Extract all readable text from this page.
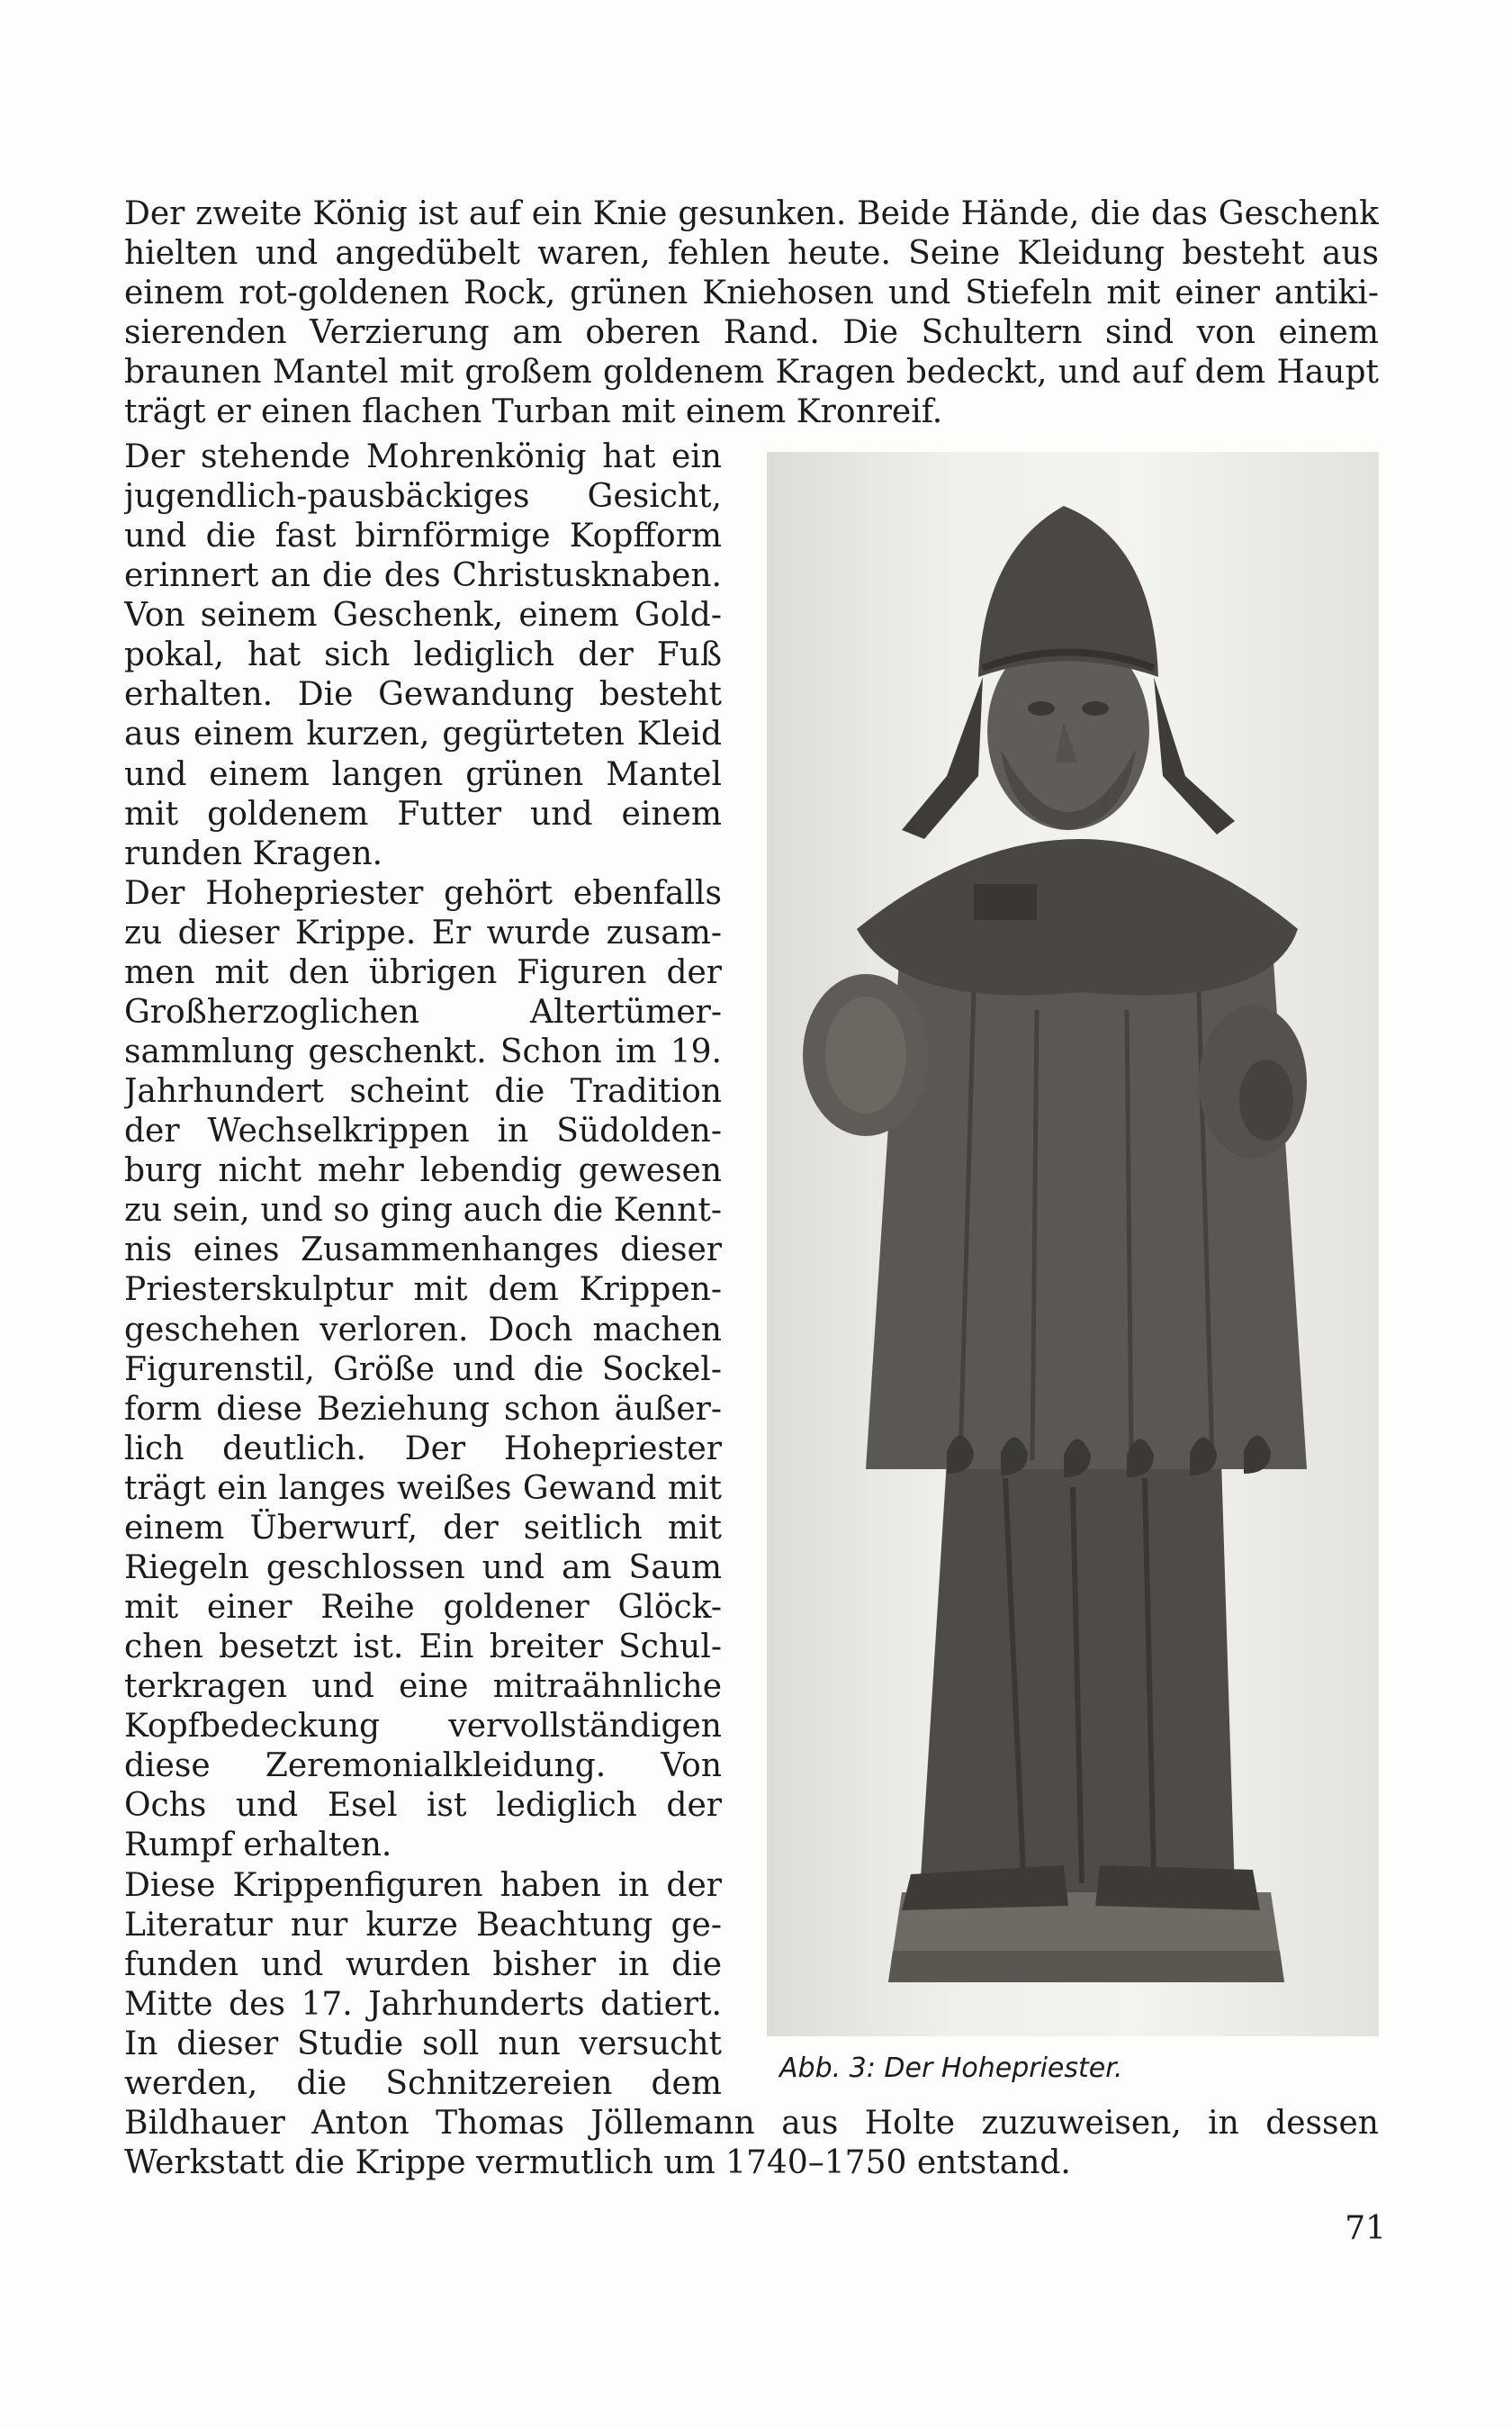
Der zweite König ist auf ein Knie gesunken. Beide Hände, die das Geschenk

hielten und angedübelt waren, fehlen heute. Seine Kleidung besteht aus

einem rot-goldenen Rock, grünen Kniehosen und Stiefeln mit einer antiki-

sierenden Verzierung am oberen Rand. Die Schultern sind von einem

braunen Mantel mit großem goldenem Kragen bedeckt, und auf dem Haupt

trägt er einen flachen Turban mit einem Kronreif.

Der stehende Mohrenkönig hat ein

jugendlich-pausbäckiges Gesicht,

und die fast birnförmige Kopfform

erinnert an die des Christusknaben.

Von seinem Geschenk, einem Gold-

pokal, hat sich lediglich der Fuß

erhalten. Die Gewandung besteht

aus einem kurzen, gegürteten Kleid

und einem langen grünen Mantel

mit goldenem Futter und einem

runden Kragen.

Der Hohepriester gehört ebenfalls

zu dieser Krippe. Er wurde zusam-

men mit den übrigen Figuren der

Großherzoglichen Altertümer-

sammlung geschenkt. Schon im 19.

Jahrhundert scheint die Tradition

der Wechselkrippen in Südolden-

burg nicht mehr lebendig gewesen

zu sein, und so ging auch die Kennt-

nis eines Zusammenhanges dieser

Priesterskulptur mit dem Krippen-

geschehen verloren. Doch machen

Figurenstil, Größe und die Sockel-

form diese Beziehung schon äußer-

lich deutlich. Der Hohepriester

trägt ein langes weißes Gewand mit

einem Überwurf, der seitlich mit

Riegeln geschlossen und am Saum

mit einer Reihe goldener Glöck-

chen besetzt ist. Ein breiter Schul-

terkragen und eine mitraähnliche

Kopfbedeckung vervollständigen

diese Zeremonialkleidung. Von

Ochs und Esel ist lediglich der

Rumpf erhalten.

Diese Krippenfiguren haben in der

Literatur nur kurze Beachtung ge-

funden und wurden bisher in die

Mitte des 17. Jahrhunderts datiert.

In dieser Studie soll nun versucht

werden, die Schnitzereien dem Abb. 3: Der Hohepriester.

Bildhauer Anton Thomas Jöllemann aus Holte zuzuweisen, in dessen

Werkstatt die Krippe vermutlich um 1740–1750 entstand.

71
